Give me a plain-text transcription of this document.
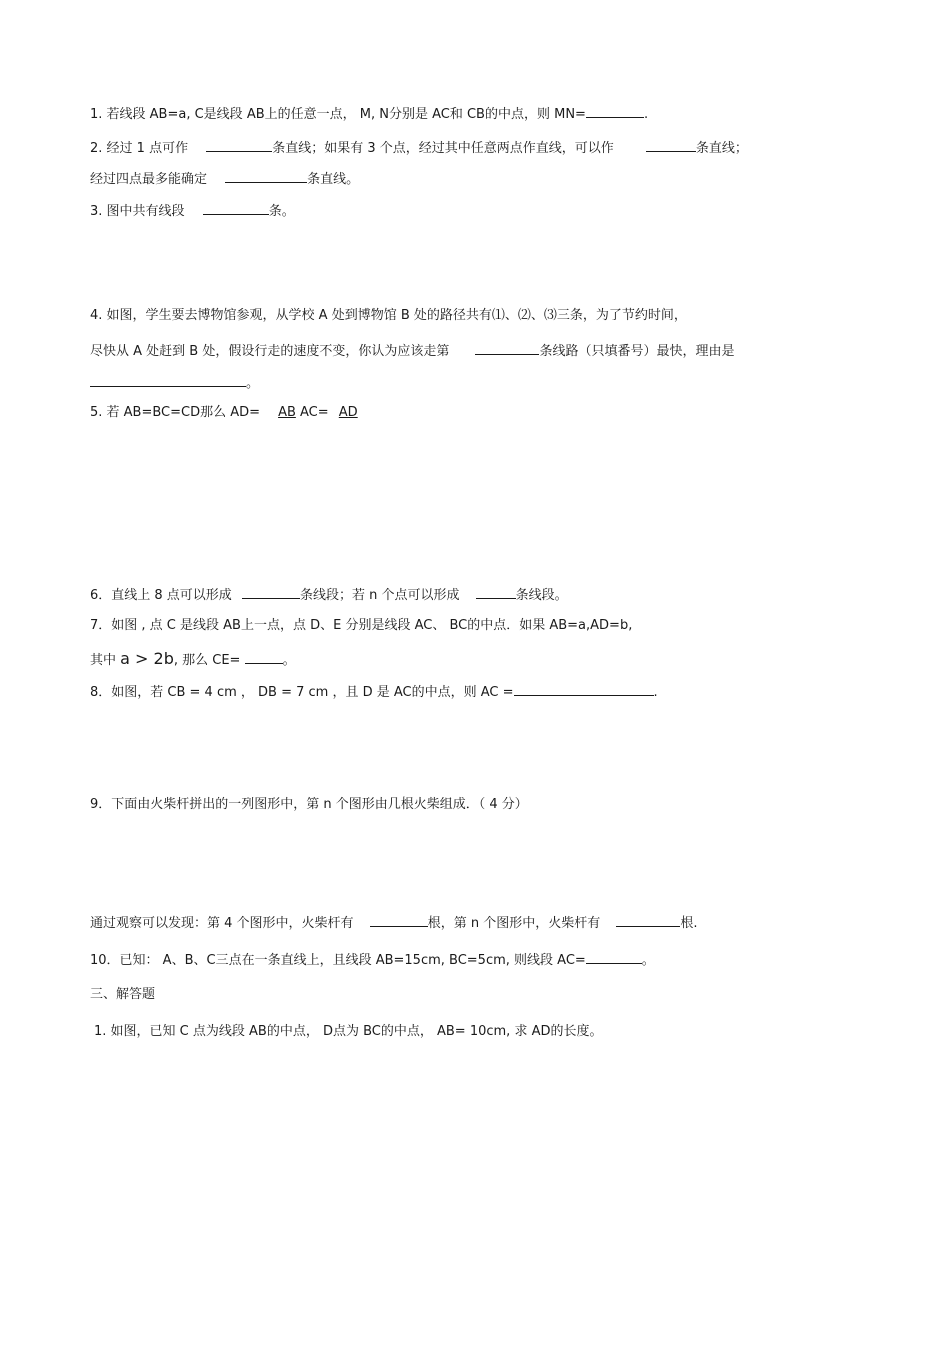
1. 若线段 AB=a, C是线段 AB上的任意一点， M, N分别是 AC和 CB的中点，则 MN=	.
2. 经过 1 点可作	条直线；如果有 3 个点，经过其中任意两点作直线，可以作	条直线；
经过四点最多能确定	条直线。
3. 图中共有线段	条。
4. 如图，学生要去博物馆参观，从学校 A 处到博物馆 B 处的路径共有⑴、⑵、⑶三条，为了节约时间，
尽快从 A 处赶到 B 处，假设行走的速度不变，你认为应该走第	条线路（只填番号）最快，理由是
。
5. 若 AB=BC=CD那么 AD= AB AC= AD
6．直线上 8 点可以形成	条线段；若 n 个点可以形成	条线段。
7．如图 , 点 C 是线段 AB上一点，点 D、E 分别是线段 AC、 BC的中点．如果 AB=a,AD=b,
其中 a > 2b, 那么 CE=	。
8．如图，若 CB = 4 cm ， DB = 7 cm ，且 D 是 AC的中点，则 AC =	.
9．下面由火柴杆拼出的一列图形中，第 n 个图形由几根火柴组成．（ 4 分）
通过观察可以发现：第 4 个图形中，火柴杆有	根，第 n 个图形中，火柴杆有	根.
10．已知： A、B、C三点在一条直线上，且线段 AB=15cm, BC=5cm, 则线段 AC=	。
三、解答题
1. 如图，已知 C 点为线段 AB的中点， D点为 BC的中点， AB= 10cm, 求 AD的长度。
